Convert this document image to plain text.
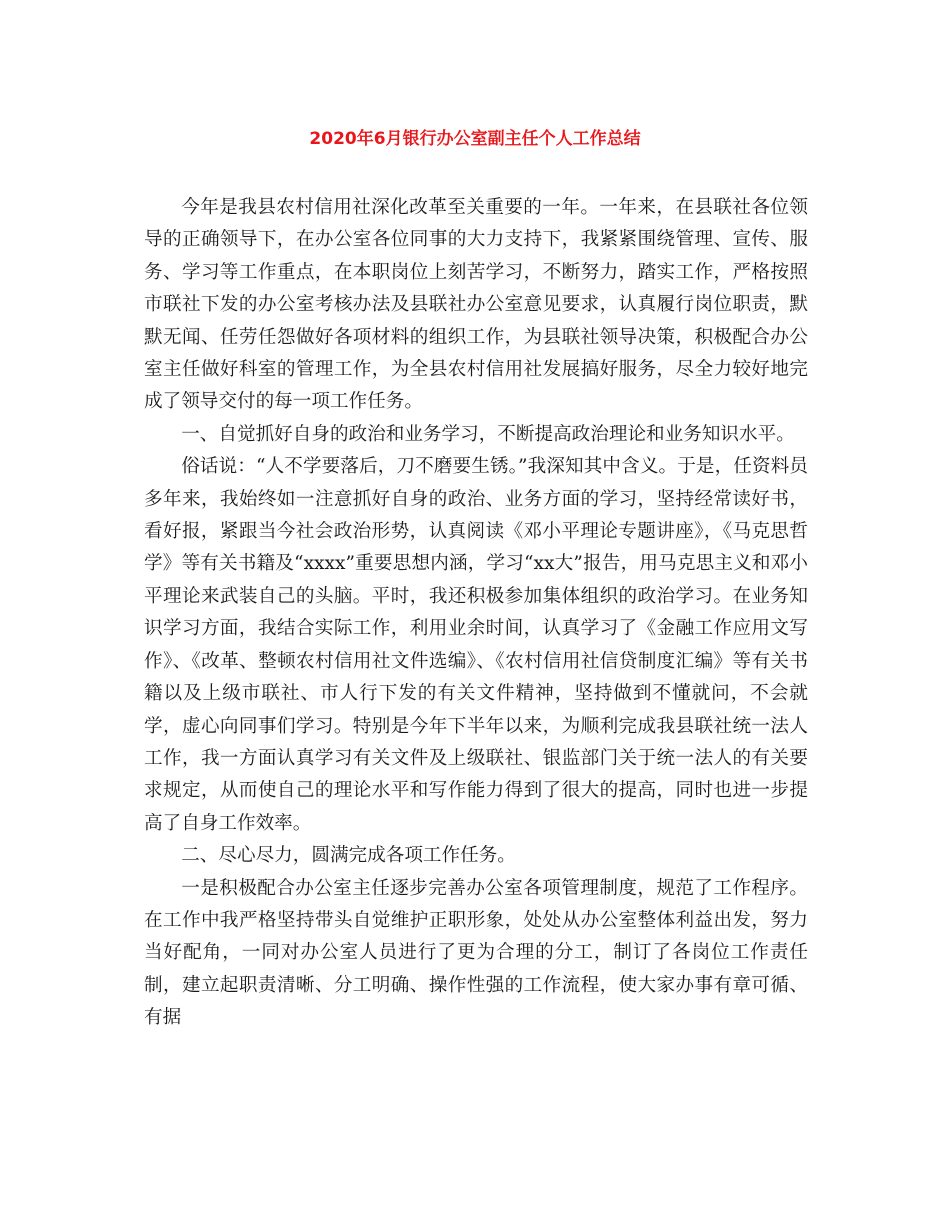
2020年6月银行办公室副主任个人工作总结

今年是我县农村信用社深化改革至关重要的一年。一年来，在县联社各位领导的正确领导下，在办公室各位同事的大力支持下，我紧紧围绕管理、宣传、服务、学习等工作重点，在本职岗位上刻苦学习，不断努力，踏实工作，严格按照市联社下发的办公室考核办法及县联社办公室意见要求，认真履行岗位职责，默默无闻、任劳任怨做好各项材料的组织工作，为县联社领导决策，积极配合办公室主任做好科室的管理工作，为全县农村信用社发展搞好服务，尽全力较好地完成了领导交付的每一项工作任务。

一、自觉抓好自身的政治和业务学习，不断提高政治理论和业务知识水平。

俗话说：“人不学要落后，刀不磨要生锈。”我深知其中含义。于是，任资料员多年来，我始终如一注意抓好自身的政治、业务方面的学习，坚持经常读好书，看好报，紧跟当今社会政治形势，认真阅读《邓小平理论专题讲座》，《马克思哲学》等有关书籍及“xxxx”重要思想内涵，学习“xx大”报告，用马克思主义和邓小平理论来武装自己的头脑。平时，我还积极参加集体组织的政治学习。在业务知识学习方面，我结合实际工作，利用业余时间，认真学习了《金融工作应用文写作》、《改革、整顿农村信用社文件选编》、《农村信用社信贷制度汇编》等有关书籍以及上级市联社、市人行下发的有关文件精神，坚持做到不懂就问，不会就学，虚心向同事们学习。特别是今年下半年以来，为顺利完成我县联社统一法人工作，我一方面认真学习有关文件及上级联社、银监部门关于统一法人的有关要求规定，从而使自己的理论水平和写作能力得到了很大的提高，同时也进一步提高了自身工作效率。

二、尽心尽力，圆满完成各项工作任务。

一是积极配合办公室主任逐步完善办公室各项管理制度，规范了工作程序。在工作中我严格坚持带头自觉维护正职形象，处处从办公室整体利益出发，努力当好配角，一同对办公室人员进行了更为合理的分工，制订了各岗位工作责任制，建立起职责清晰、分工明确、操作性强的工作流程，使大家办事有章可循、有据
